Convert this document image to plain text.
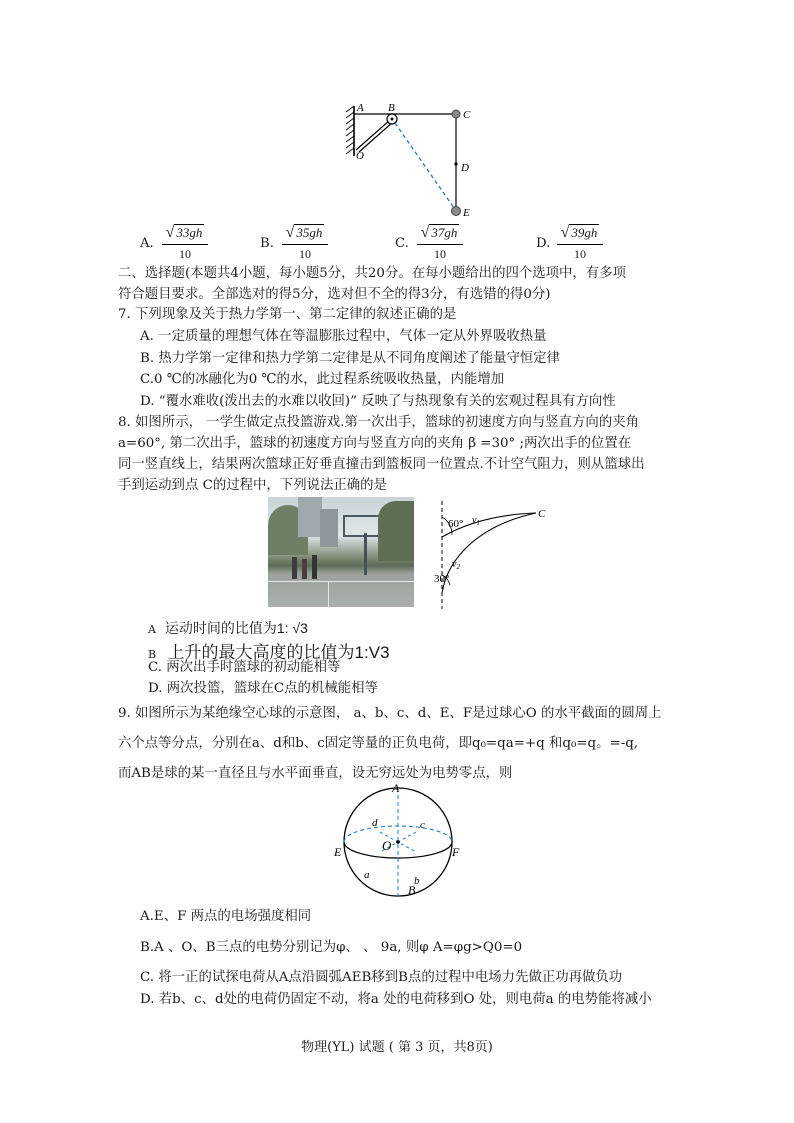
A B
C
O
D
E
A.
√ 33gh
10
B.
√ 35gh
10
C.
√ 37gh
10
D.
√ 39gh
10
二、选择题(本题共4小题，每小题5分，共20分。在每小题给出的四个选项中，有多项
符合题目要求。全部选对的得5分，选对但不全的得3分，有选错的得0分)
7. 下列现象及关于热力学第一、第二定律的叙述正确的是
A. 一定质量的理想气体在等温膨胀过程中，气体一定从外界吸收热量
B. 热力学第一定律和热力学第二定律是从不同角度阐述了能量守恒定律
C.0 ℃的冰融化为0 ℃的水，此过程系统吸收热量，内能增加
D. “覆水难收(泼出去的水难以收回)” 反映了与热现象有关的宏观过程具有方向性
8. 如图所示， 一学生做定点投篮游戏.第一次出手，篮球的初速度方向与竖直方向的夹角
a=60°, 第二次出手，篮球的初速度方向与竖直方向的夹角 β =30° ;两次出手的位置在
同一竖直线上，结果两次篮球正好垂直撞击到篮板同一位置点.不计空气阻力，则从篮球出
手到运动到点 C的过程中，下列说法正确的是
60°
30°
$v_1$
$v_2$
C
A 运动时间的比值为1: √3
B 上升的最大高度的比值为1:V3
C. 两次出手时篮球的初动能相等
D. 两次投篮，篮球在C点的机械能相等
9. 如图所示为某绝缘空心球的示意图， a、b、c、d、E、F是过球心O 的水平截面的圆周上
六个点等分点，分别在a、d和b、c固定等量的正负电荷，即q₀=qa=+q 和q₀=q。=-q,
而AB是球的某一直径且与水平面垂直，设无穷远处为电势零点，则
A
B
O
E	F
a	b
c
d
A.E、F 两点的电场强度相同
B.A 、O、B三点的电势分别记为φ、 、 9a, 则φ A=φg>Q0=0
C. 将一正的试探电荷从A点沿圆弧AEB移到B点的过程中电场力先做正功再做负功
D. 若b、c、d处的电荷仍固定不动，将a 处的电荷移到O 处，则电荷a 的电势能将减小
物理(YL) 试题 ( 第 3 页，共8页)
